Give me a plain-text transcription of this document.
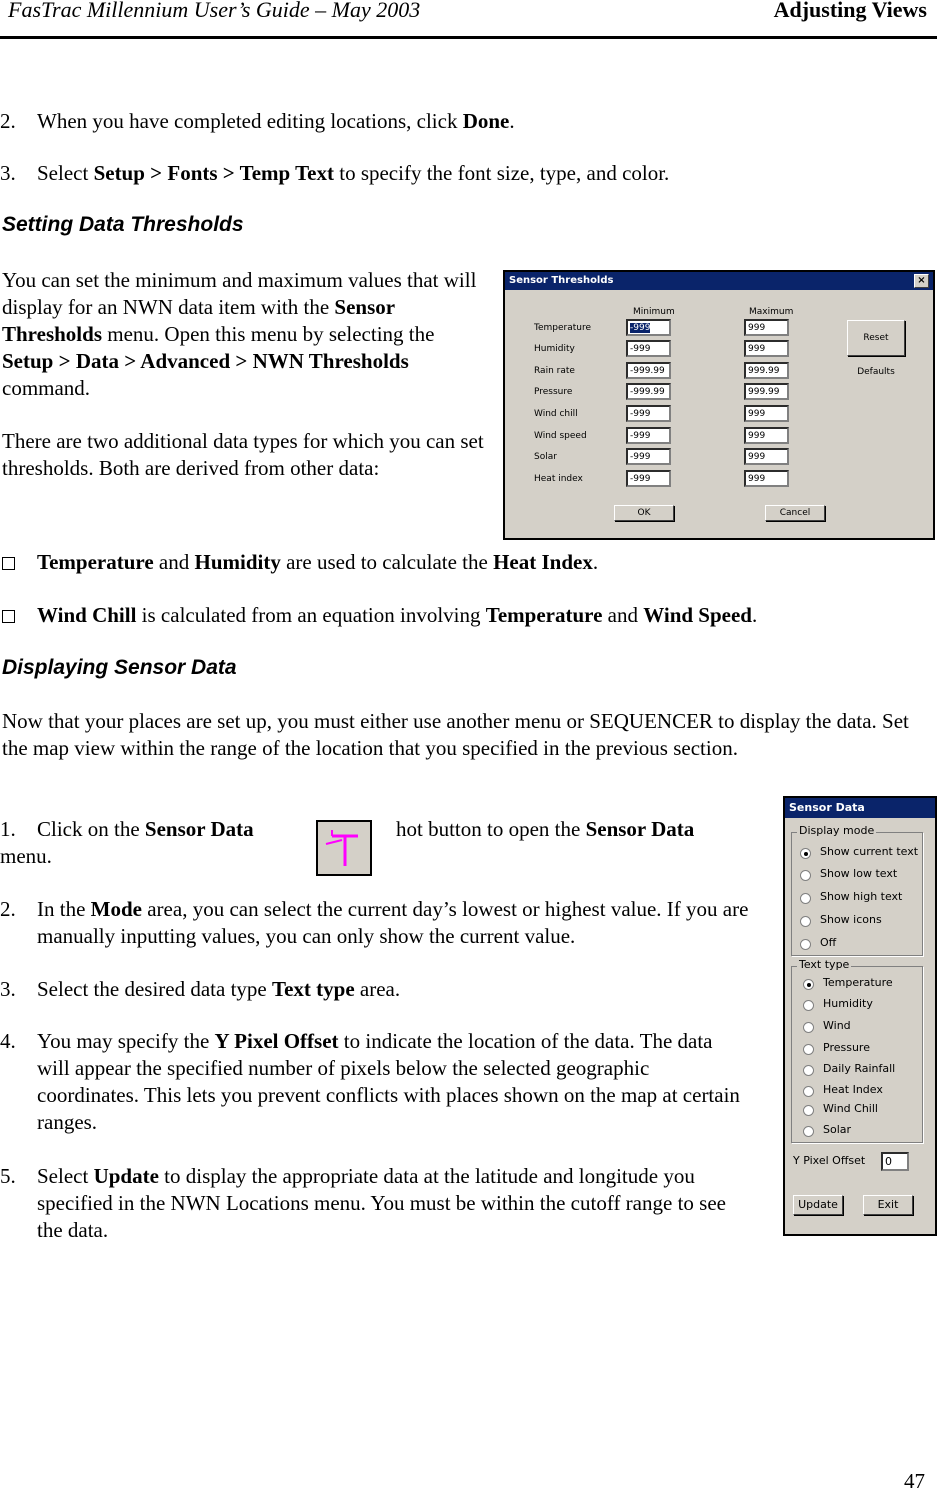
FasTrac Millennium User’s Guide – May 2003	Adjusting Views
2. When you have completed editing locations, click Done.
3. Select Setup > Fonts > Temp Text to specify the font size, type, and color.
Setting Data Thresholds
You can set the minimum and maximum values that will display for an NWN data item with the Sensor Thresholds menu. Open this menu by selecting the Setup > Data > Advanced > NWN Thresholds command.
There are two additional data types for which you can set thresholds. Both are derived from other data:
Sensor Thresholds	×
Minimum	Maximum
Reset Defaults
Temperature	-999	999
Humidity	-999	999
Rain rate	-999.99	999.99
Pressure	-999.99	999.99
Wind chill	-999	999
Wind speed	-999	999
Solar	-999	999
Heat index	-999	999
OK	Cancel
Temperature and Humidity are used to calculate the Heat Index.
Wind Chill is calculated from an equation involving Temperature and Wind Speed.
Displaying Sensor Data
Now that your places are set up, you must either use another menu or SEQUENCER to display the data. Set the map view within the range of the location that you specified in the previous section.
1. Click on the Sensor Data	hot button to open the Sensor Data
menu.
2. In the Mode area, you can select the current day’s lowest or highest value. If you are manually inputting values, you can only show the current value.
3. Select the desired data type Text type area.
4. You may specify the Y Pixel Offset to indicate the location of the data. The data will appear the specified number of pixels below the selected geographic coordinates. This lets you prevent conflicts with places shown on the map at certain ranges.
5. Select Update to display the appropriate data at the latitude and longitude you specified in the NWN Locations menu. You must be within the cutoff range to see the data.
Sensor Data
Display mode
Show current text
Show low text
Show high text
Show icons
Off
Text type
Temperature
Humidity
Wind
Pressure
Daily Rainfall
Heat Index
Wind Chill
Solar
Y Pixel Offset	0
Update	Exit
47
